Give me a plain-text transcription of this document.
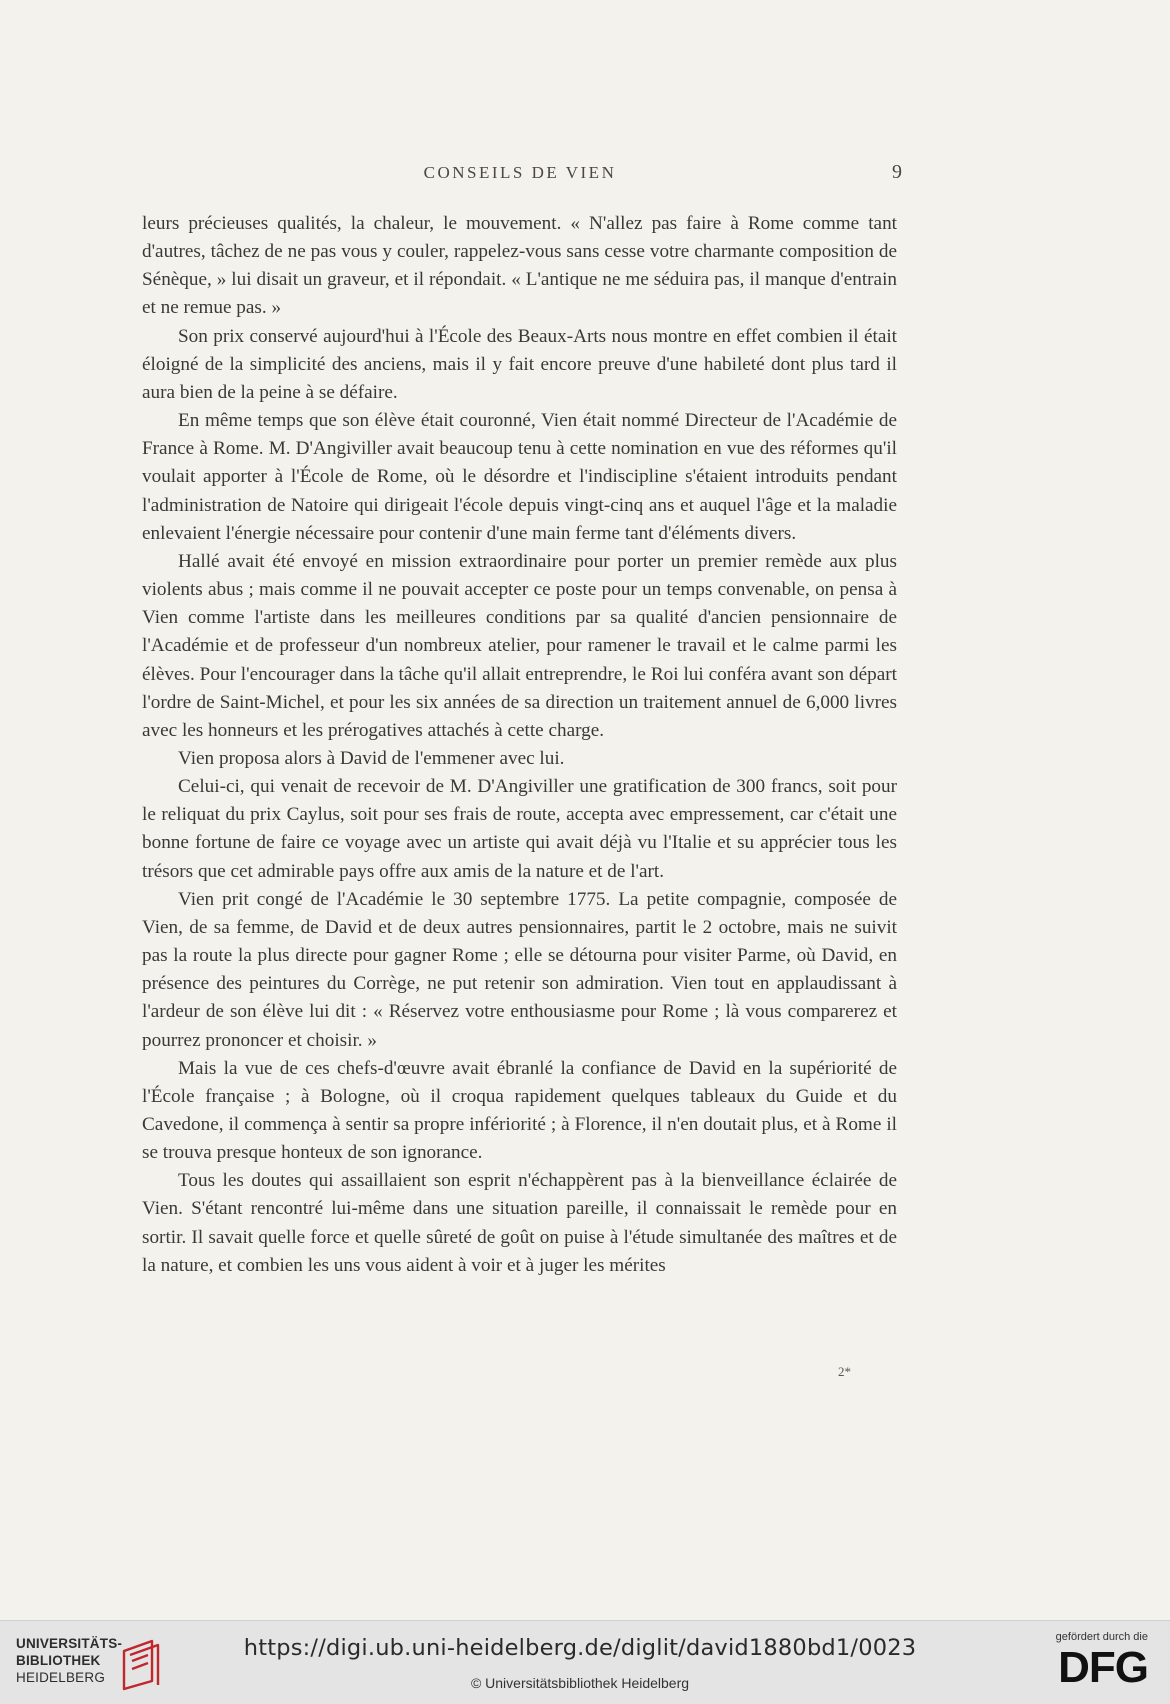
CONSEILS DE VIEN	9

leurs précieuses qualités, la chaleur, le mouvement. « N'allez pas faire à Rome comme tant d'autres, tâchez de ne pas vous y couler, rappelez-vous sans cesse votre charmante composition de Sénèque, » lui disait un graveur, et il répondait. « L'antique ne me séduira pas, il manque d'entrain et ne remue pas. »

Son prix conservé aujourd'hui à l'École des Beaux-Arts nous montre en effet combien il était éloigné de la simplicité des anciens, mais il y fait encore preuve d'une habileté dont plus tard il aura bien de la peine à se défaire.

En même temps que son élève était couronné, Vien était nommé Directeur de l'Académie de France à Rome. M. D'Angiviller avait beaucoup tenu à cette nomination en vue des réformes qu'il voulait apporter à l'École de Rome, où le désordre et l'indiscipline s'étaient introduits pendant l'administration de Natoire qui dirigeait l'école depuis vingt-cinq ans et auquel l'âge et la maladie enlevaient l'énergie nécessaire pour contenir d'une main ferme tant d'éléments divers.

Hallé avait été envoyé en mission extraordinaire pour porter un premier remède aux plus violents abus ; mais comme il ne pouvait accepter ce poste pour un temps convenable, on pensa à Vien comme l'artiste dans les meilleures conditions par sa qualité d'ancien pensionnaire de l'Académie et de professeur d'un nombreux atelier, pour ramener le travail et le calme parmi les élèves. Pour l'encourager dans la tâche qu'il allait entreprendre, le Roi lui conféra avant son départ l'ordre de Saint-Michel, et pour les six années de sa direction un traitement annuel de 6,000 livres avec les honneurs et les prérogatives attachés à cette charge.

Vien proposa alors à David de l'emmener avec lui.

Celui-ci, qui venait de recevoir de M. D'Angiviller une gratification de 300 francs, soit pour le reliquat du prix Caylus, soit pour ses frais de route, accepta avec empressement, car c'était une bonne fortune de faire ce voyage avec un artiste qui avait déjà vu l'Italie et su apprécier tous les trésors que cet admirable pays offre aux amis de la nature et de l'art.

Vien prit congé de l'Académie le 30 septembre 1775. La petite compagnie, composée de Vien, de sa femme, de David et de deux autres pensionnaires, partit le 2 octobre, mais ne suivit pas la route la plus directe pour gagner Rome ; elle se détourna pour visiter Parme, où David, en présence des peintures du Corrège, ne put retenir son admiration. Vien tout en applaudissant à l'ardeur de son élève lui dit : « Réservez votre enthousiasme pour Rome ; là vous comparerez et pourrez prononcer et choisir. »

Mais la vue de ces chefs-d'œuvre avait ébranlé la confiance de David en la supériorité de l'École française ; à Bologne, où il croqua rapidement quelques tableaux du Guide et du Cavedone, il commença à sentir sa propre infériorité ; à Florence, il n'en doutait plus, et à Rome il se trouva presque honteux de son ignorance.

Tous les doutes qui assaillaient son esprit n'échappèrent pas à la bienveillance éclairée de Vien. S'étant rencontré lui-même dans une situation pareille, il connaissait le remède pour en sortir. Il savait quelle force et quelle sûreté de goût on puise à l'étude simultanée des maîtres et de la nature, et combien les uns vous aident à voir et à juger les mérites

2*
UNIVERSITÄTS-
BIBLIOTHEK
HEIDELBERG
https://digi.ub.uni-heidelberg.de/diglit/david1880bd1/0023
© Universitätsbibliothek Heidelberg
gefördert durch die
DFG
